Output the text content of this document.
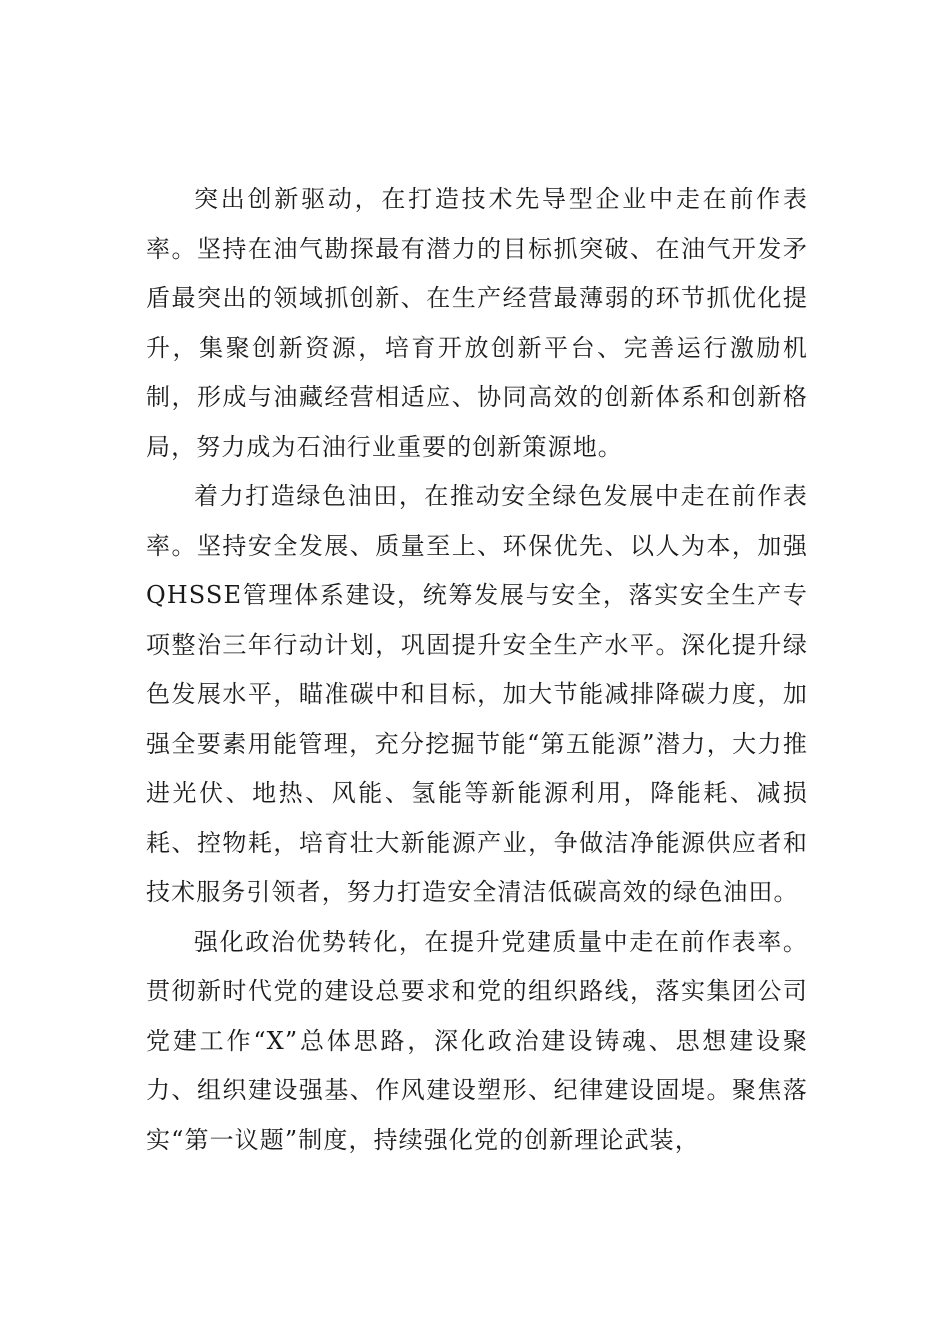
突出创新驱动，在打造技术先导型企业中走在前作表率。坚持在油气勘探最有潜力的目标抓突破、在油气开发矛盾最突出的领域抓创新、在生产经营最薄弱的环节抓优化提升，集聚创新资源，培育开放创新平台、完善运行激励机制，形成与油藏经营相适应、协同高效的创新体系和创新格局，努力成为石油行业重要的创新策源地。

着力打造绿色油田，在推动安全绿色发展中走在前作表率。坚持安全发展、质量至上、环保优先、以人为本，加强QHSSE管理体系建设，统筹发展与安全，落实安全生产专项整治三年行动计划，巩固提升安全生产水平。深化提升绿色发展水平，瞄准碳中和目标，加大节能减排降碳力度，加强全要素用能管理，充分挖掘节能“第五能源”潜力，大力推进光伏、地热、风能、氢能等新能源利用，降能耗、减损耗、控物耗，培育壮大新能源产业，争做洁净能源供应者和技术服务引领者，努力打造安全清洁低碳高效的绿色油田。

强化政治优势转化，在提升党建质量中走在前作表率。贯彻新时代党的建设总要求和党的组织路线，落实集团公司党建工作“X”总体思路，深化政治建设铸魂、思想建设聚力、组织建设强基、作风建设塑形、纪律建设固堤。聚焦落实“第一议题”制度，持续强化党的创新理论武装，
